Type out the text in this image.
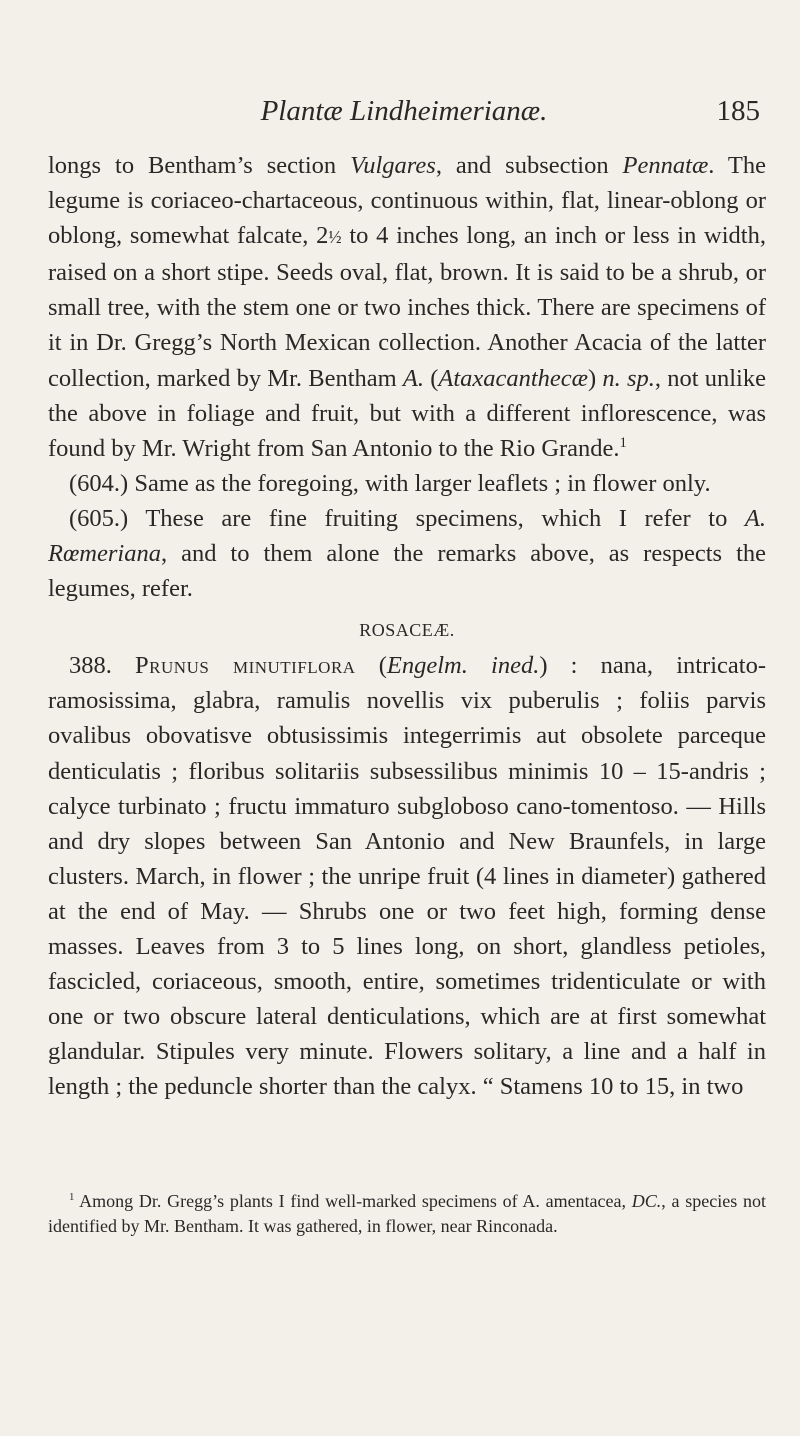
Plantæ Lindheimerianæ.	185

longs to Bentham’s section Vulgares, and subsection Pennatæ. The legume is coriaceo-chartaceous, continuous within, flat, linear-oblong or oblong, somewhat falcate, 2½ to 4 inches long, an inch or less in width, raised on a short stipe. Seeds oval, flat, brown. It is said to be a shrub, or small tree, with the stem one or two inches thick. There are specimens of it in Dr. Gregg’s North Mexican collection. Another Acacia of the latter collection, marked by Mr. Bentham A. (Ataxacanthecæ) n. sp., not unlike the above in foliage and fruit, but with a different inflorescence, was found by Mr. Wright from San Antonio to the Rio Grande.$^1$

(604.) Same as the foregoing, with larger leaflets ; in flower only.

(605.) These are fine fruiting specimens, which I refer to A. Rœmeriana, and to them alone the remarks above, as respects the legumes, refer.

ROSACEÆ.

388. Prunus minutiflora (Engelm. ined.) : nana, intricato-ramosissima, glabra, ramulis novellis vix puberulis ; foliis parvis ovalibus obovatisve obtusissimis integerrimis aut obsolete parceque denticulatis ; floribus solitariis subsessilibus minimis 10 – 15-andris ; calyce turbinato ; fructu immaturo subgloboso cano-tomentoso. — Hills and dry slopes between San Antonio and New Braunfels, in large clusters. March, in flower ; the unripe fruit (4 lines in diameter) gathered at the end of May. — Shrubs one or two feet high, forming dense masses. Leaves from 3 to 5 lines long, on short, glandless petioles, fascicled, coriaceous, smooth, entire, sometimes tridenticulate or with one or two obscure lateral denticulations, which are at first somewhat glandular. Stipules very minute. Flowers solitary, a line and a half in length ; the peduncle shorter than the calyx. “ Stamens 10 to 15, in two

$^1$ Among Dr. Gregg’s plants I find well-marked specimens of A. amentacea, DC., a species not identified by Mr. Bentham. It was gathered, in flower, near Rinconada.
